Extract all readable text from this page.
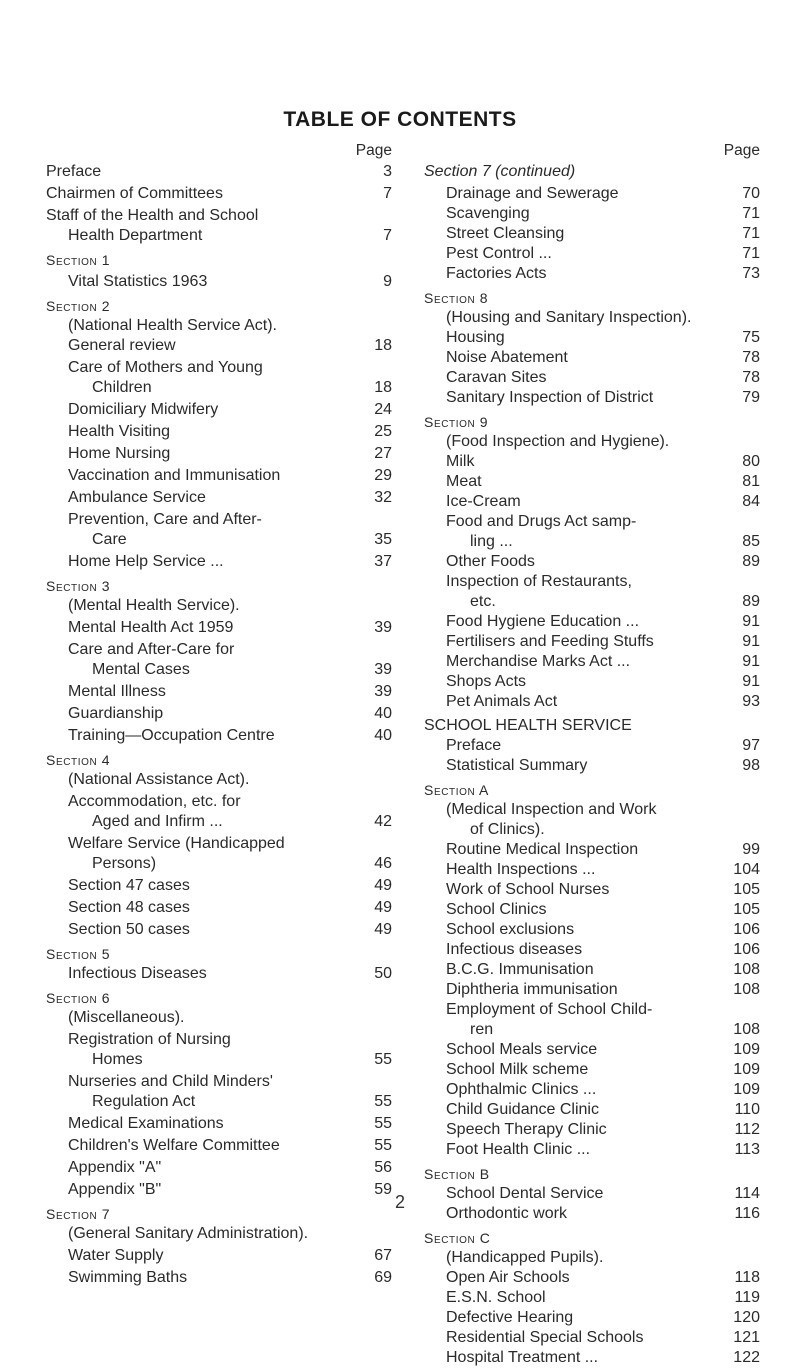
TABLE OF CONTENTS
Page
Preface	3
Chairmen of Committees	7
Staff of the Health and School
Health Department	7
Section 1
Vital Statistics 1963	9
Section 2
(National Health Service Act).
General review	18
Care of Mothers and Young
Children	18
Domiciliary Midwifery	24
Health Visiting	25
Home Nursing	27
Vaccination and Immunisation	29
Ambulance Service	32
Prevention, Care and After-
Care	35
Home Help Service ...	37
Section 3
(Mental Health Service).
Mental Health Act 1959	39
Care and After-Care for
Mental Cases	39
Mental Illness	39
Guardianship	40
Training—Occupation Centre	40
Section 4
(National Assistance Act).
Accommodation, etc. for
Aged and Infirm ...	42
Welfare Service (Handicapped
Persons)	46
Section 47 cases	49
Section 48 cases	49
Section 50 cases	49
Section 5
Infectious Diseases	50
Section 6
(Miscellaneous).
Registration of Nursing
Homes	55
Nurseries and Child Minders'
Regulation Act	55
Medical Examinations	55
Children's Welfare Committee	55
Appendix "A"	56
Appendix "B"	59
Section 7
(General Sanitary Administration).
Water Supply	67
Swimming Baths	69
Page
Section 7 (continued)
Drainage and Sewerage	70
Scavenging	71
Street Cleansing	71
Pest Control ...	71
Factories Acts	73
Section 8
(Housing and Sanitary Inspection).
Housing	75
Noise Abatement	78
Caravan Sites	78
Sanitary Inspection of District	79
Section 9
(Food Inspection and Hygiene).
Milk	80
Meat	81
Ice-Cream	84
Food and Drugs Act samp-
ling ...	85
Other Foods	89
Inspection of Restaurants,
etc.	89
Food Hygiene Education ...	91
Fertilisers and Feeding Stuffs	91
Merchandise Marks Act ...	91
Shops Acts	91
Pet Animals Act	93
SCHOOL HEALTH SERVICE
Preface	97
Statistical Summary	98
Section A
(Medical Inspection and Work
of Clinics).
Routine Medical Inspection	99
Health Inspections ...	104
Work of School Nurses	105
School Clinics	105
School exclusions	106
Infectious diseases	106
B.C.G. Immunisation	108
Diphtheria immunisation	108
Employment of School Child-
ren	108
School Meals service	109
School Milk scheme	109
Ophthalmic Clinics ...	109
Child Guidance Clinic	110
Speech Therapy Clinic	112
Foot Health Clinic ...	113
Section B
School Dental Service	114
Orthodontic work	116
Section C
(Handicapped Pupils).
Open Air Schools	118
E.S.N. School	119
Defective Hearing	120
Residential Special Schools	121
Hospital Treatment ...	122
2
